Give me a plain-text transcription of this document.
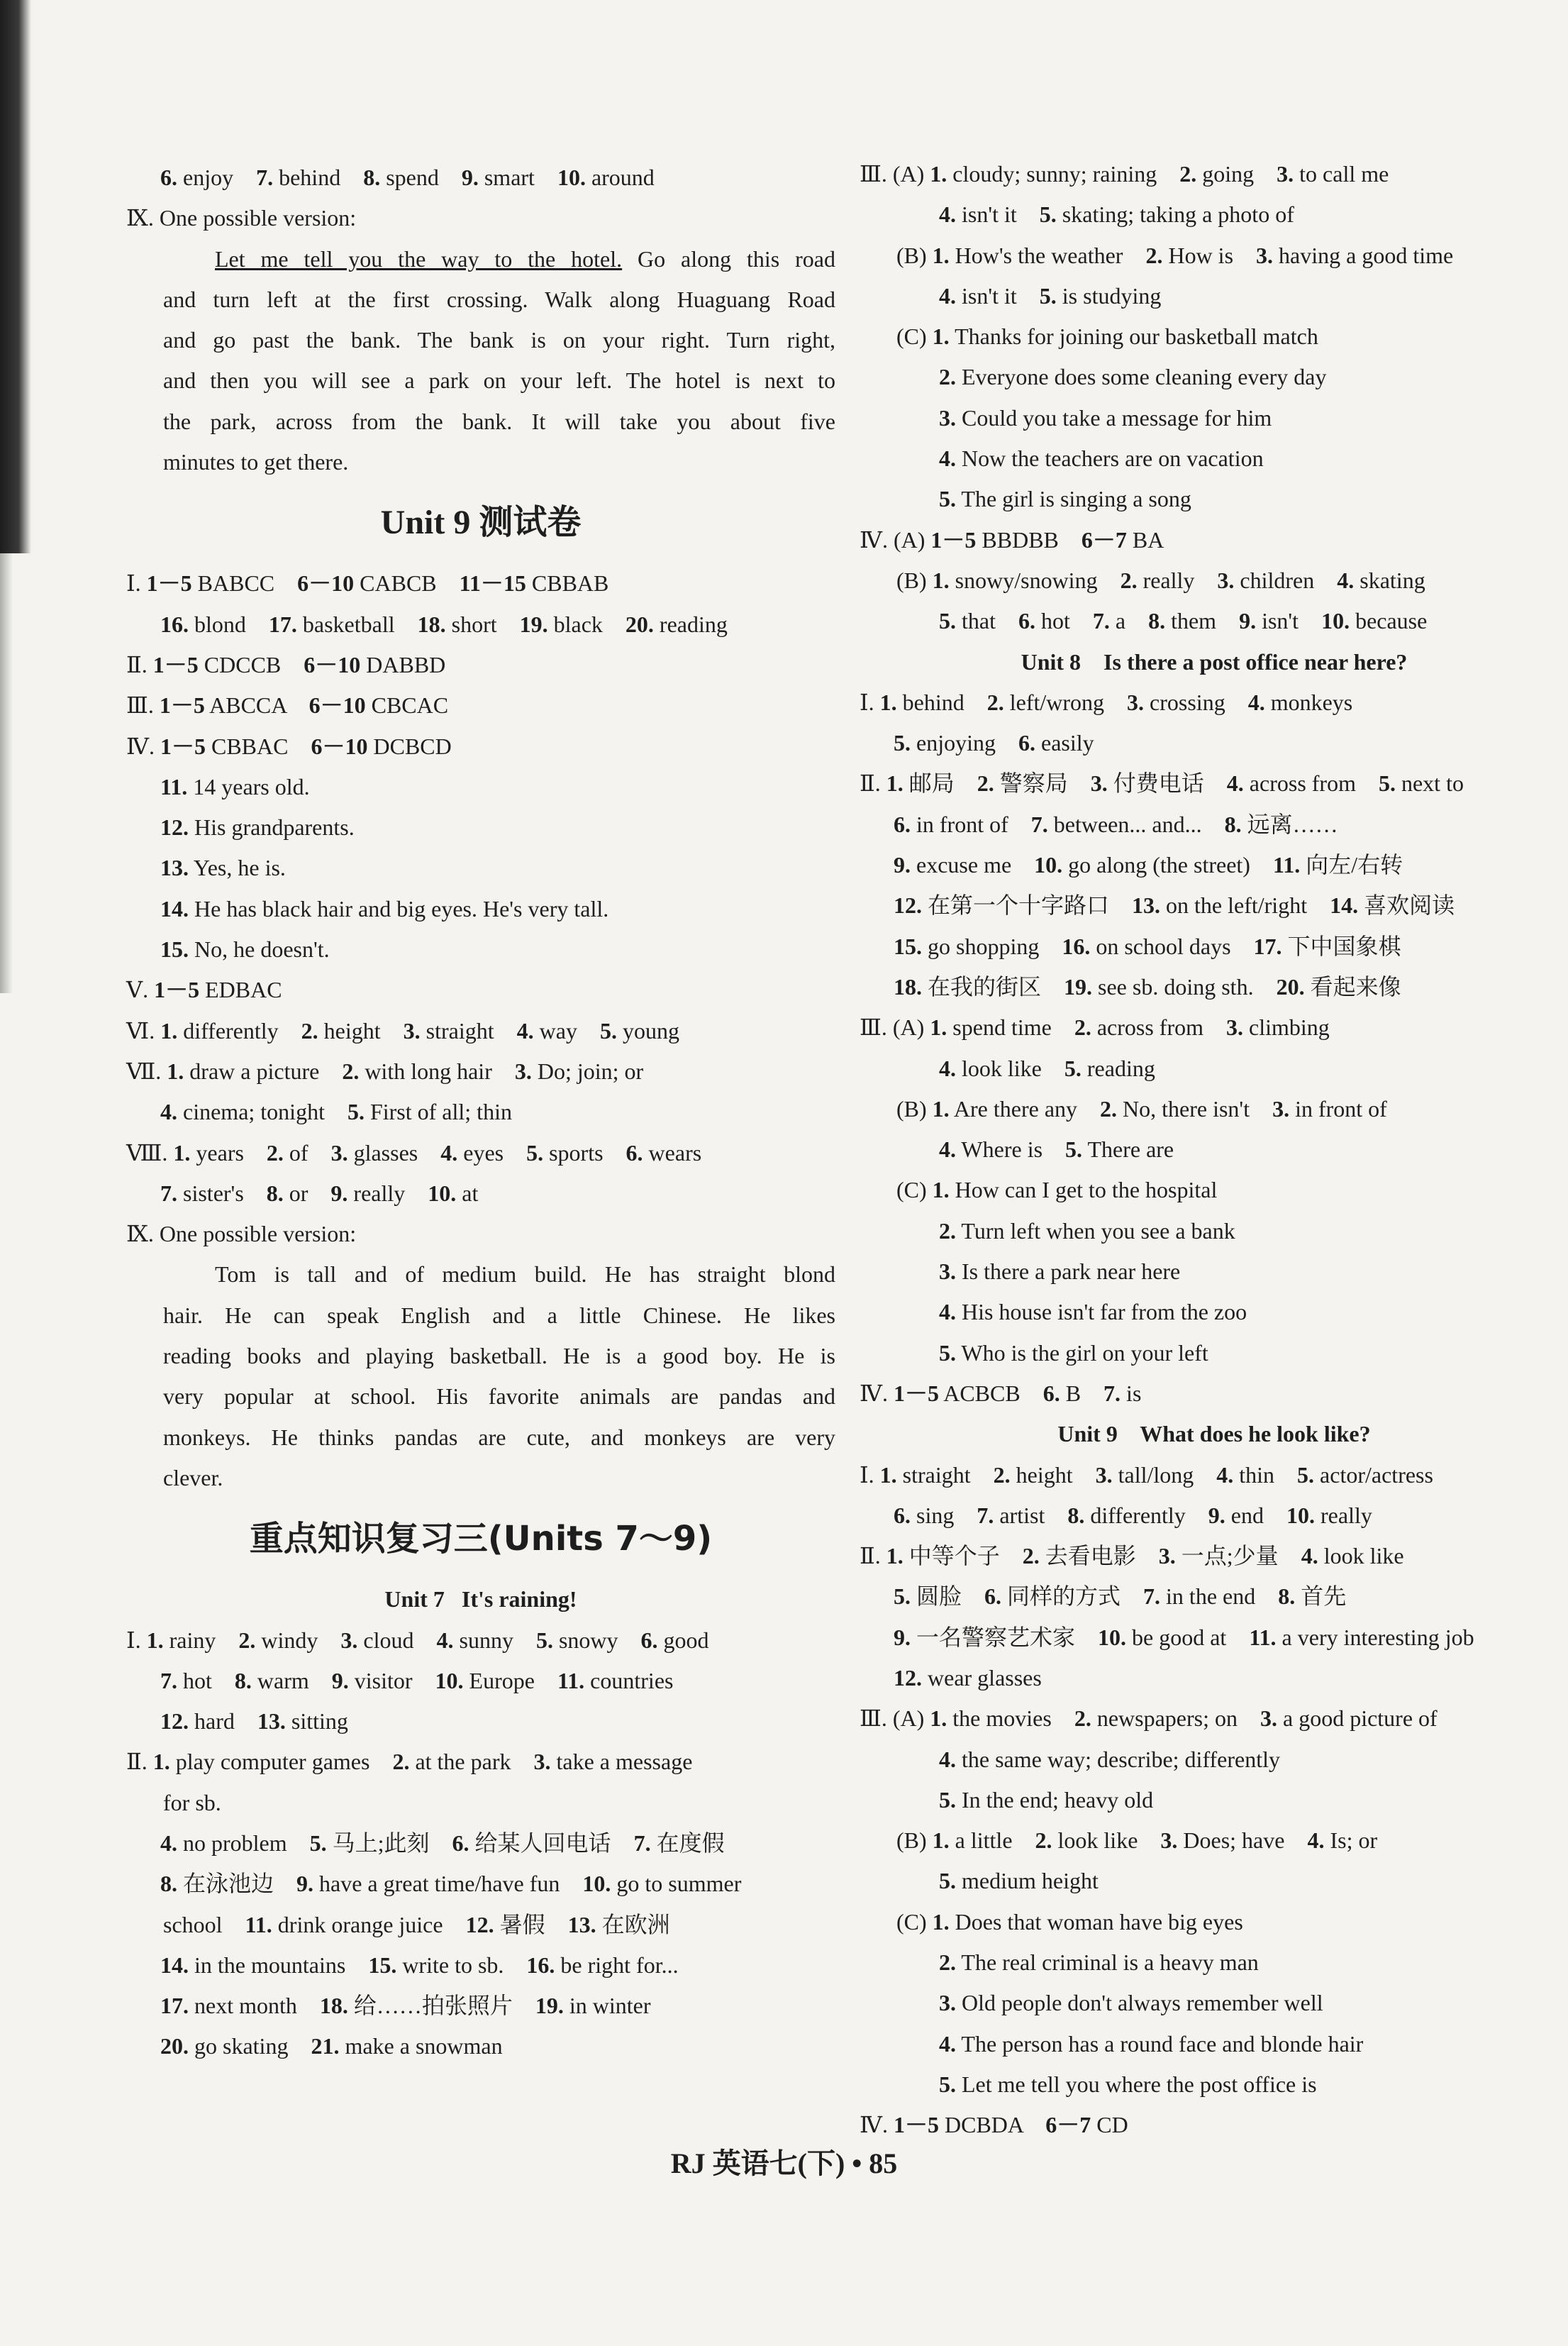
6. enjoy    7. behind    8. spend    9. smart    10. around
Ⅸ. One possible version:
Let me tell you the way to the hotel. Go along this road
and turn left at the first crossing. Walk along Huaguang Road
and go past the bank. The bank is on your right. Turn right,
and then you will see a park on your left. The hotel is next to
the park, across from the bank. It will take you about five
minutes to get there.
Unit 9 测试卷
Ⅰ. 1－5 BABCC    6－10 CABCB    11－15 CBBAB
16. blond    17. basketball    18. short    19. black    20. reading
Ⅱ. 1－5 CDCCB    6－10 DABBD
Ⅲ. 1－5 ABCCA    6－10 CBCAC
Ⅳ. 1－5 CBBAC    6－10 DCBCD
11. 14 years old.
12. His grandparents.
13. Yes, he is.
14. He has black hair and big eyes. He's very tall.
15. No, he doesn't.
Ⅴ. 1－5 EDBAC
Ⅵ. 1. differently    2. height    3. straight    4. way    5. young
Ⅶ. 1. draw a picture    2. with long hair    3. Do; join; or
4. cinema; tonight    5. First of all; thin
Ⅷ. 1. years    2. of    3. glasses    4. eyes    5. sports    6. wears
7. sister's    8. or    9. really    10. at
Ⅸ. One possible version:
Tom is tall and of medium build. He has straight blond
hair. He can speak English and a little Chinese. He likes
reading books and playing basketball. He is a good boy. He is
very popular at school. His favorite animals are pandas and
monkeys. He thinks pandas are cute, and monkeys are very
clever.
重点知识复习三(Units 7～9)
Unit 7   It's raining!
Ⅰ. 1. rainy    2. windy    3. cloud    4. sunny    5. snowy    6. good
7. hot    8. warm    9. visitor    10. Europe    11. countries
12. hard    13. sitting
Ⅱ. 1. play computer games    2. at the park    3. take a message
for sb.
4. no problem    5. 马上;此刻    6. 给某人回电话    7. 在度假
8. 在泳池边    9. have a great time/have fun    10. go to summer
school    11. drink orange juice    12. 暑假    13. 在欧洲
14. in the mountains    15. write to sb.    16. be right for...
17. next month    18. 给……拍张照片    19. in winter
20. go skating    21. make a snowman
Ⅲ. (A) 1. cloudy; sunny; raining    2. going    3. to call me
4. isn't it    5. skating; taking a photo of
(B) 1. How's the weather    2. How is    3. having a good time
4. isn't it    5. is studying
(C) 1. Thanks for joining our basketball match
2. Everyone does some cleaning every day
3. Could you take a message for him
4. Now the teachers are on vacation
5. The girl is singing a song
Ⅳ. (A) 1－5 BBDBB    6－7 BA
(B) 1. snowy/snowing    2. really    3. children    4. skating
5. that    6. hot    7. a    8. them    9. isn't    10. because
Unit 8    Is there a post office near here?
Ⅰ. 1. behind    2. left/wrong    3. crossing    4. monkeys
5. enjoying    6. easily
Ⅱ. 1. 邮局    2. 警察局    3. 付费电话    4. across from    5. next to
6. in front of    7. between... and...    8. 远离……
9. excuse me    10. go along (the street)    11. 向左/右转
12. 在第一个十字路口    13. on the left/right    14. 喜欢阅读
15. go shopping    16. on school days    17. 下中国象棋
18. 在我的街区    19. see sb. doing sth.    20. 看起来像
Ⅲ. (A) 1. spend time    2. across from    3. climbing
4. look like    5. reading
(B) 1. Are there any    2. No, there isn't    3. in front of
4. Where is    5. There are
(C) 1. How can I get to the hospital
2. Turn left when you see a bank
3. Is there a park near here
4. His house isn't far from the zoo
5. Who is the girl on your left
Ⅳ. 1－5 ACBCB    6. B    7. is
Unit 9    What does he look like?
Ⅰ. 1. straight    2. height    3. tall/long    4. thin    5. actor/actress
6. sing    7. artist    8. differently    9. end    10. really
Ⅱ. 1. 中等个子    2. 去看电影    3. 一点;少量    4. look like
5. 圆脸    6. 同样的方式    7. in the end    8. 首先
9. 一名警察艺术家    10. be good at    11. a very interesting job
12. wear glasses
Ⅲ. (A) 1. the movies    2. newspapers; on    3. a good picture of
4. the same way; describe; differently
5. In the end; heavy old
(B) 1. a little    2. look like    3. Does; have    4. Is; or
5. medium height
(C) 1. Does that woman have big eyes
2. The real criminal is a heavy man
3. Old people don't always remember well
4. The person has a round face and blonde hair
5. Let me tell you where the post office is
Ⅳ. 1－5 DCBDA    6－7 CD
RJ 英语七(下) • 85
